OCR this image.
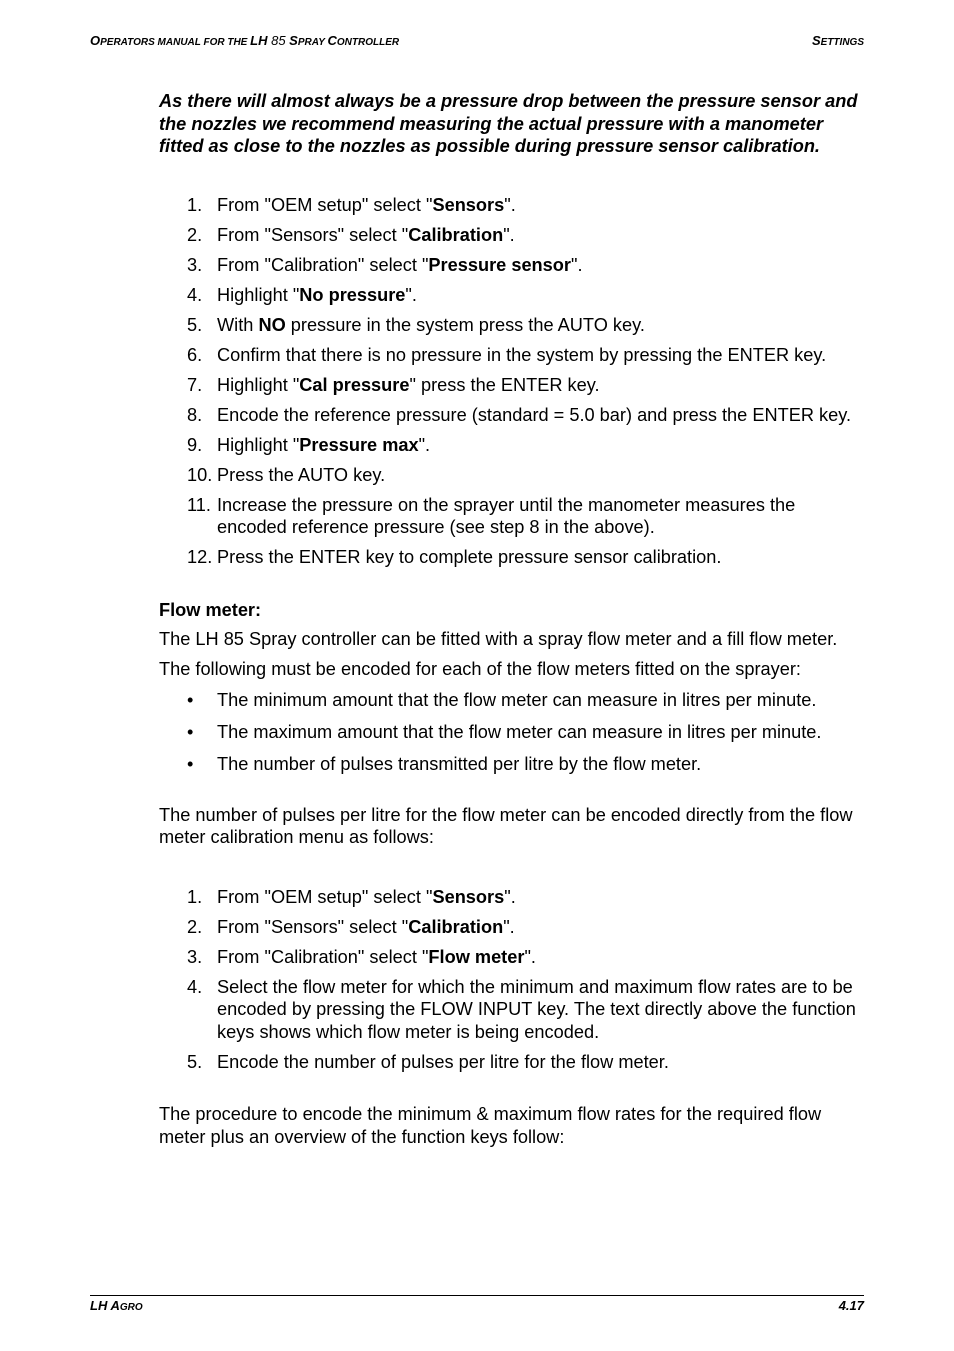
OPERATORS MANUAL FOR THE LH 85 SPRAY CONTROLLER	SETTINGS

As there will almost always be a pressure drop between the pressure sensor and the nozzles we recommend measuring the actual pressure with a manometer fitted as close to the nozzles as possible during pressure sensor calibration.

1. From "OEM setup" select "Sensors".
2. From "Sensors" select "Calibration".
3. From "Calibration" select "Pressure sensor".
4. Highlight "No pressure".
5. With NO pressure in the system press the AUTO key.
6. Confirm that there is no pressure in the system by pressing the ENTER key.
7. Highlight "Cal pressure" press the ENTER key.
8. Encode the reference pressure (standard = 5.0 bar) and press the ENTER key.
9. Highlight "Pressure max".
10. Press the AUTO key.
11. Increase the pressure on the sprayer until the manometer measures the encoded reference pressure (see step 8 in the above).
12. Press the ENTER key to complete pressure sensor calibration.

Flow meter:

The LH 85 Spray controller can be fitted with a spray flow meter and a fill flow meter.

The following must be encoded for each of the flow meters fitted on the sprayer:

• The minimum amount that the flow meter can measure in litres per minute.
• The maximum amount that the flow meter can measure in litres per minute.
• The number of pulses transmitted per litre by the flow meter.

The number of pulses per litre for the flow meter can be encoded directly from the flow meter calibration menu as follows:

1. From "OEM setup" select "Sensors".
2. From "Sensors" select "Calibration".
3. From "Calibration" select "Flow meter".
4. Select the flow meter for which the minimum and maximum flow rates are to be encoded by pressing the FLOW INPUT key. The text directly above the function keys shows which flow meter is being encoded.
5. Encode the number of pulses per litre for the flow meter.

The procedure to encode the minimum & maximum flow rates for the required flow meter plus an overview of the function keys follow:

LH AGRO	4.17
